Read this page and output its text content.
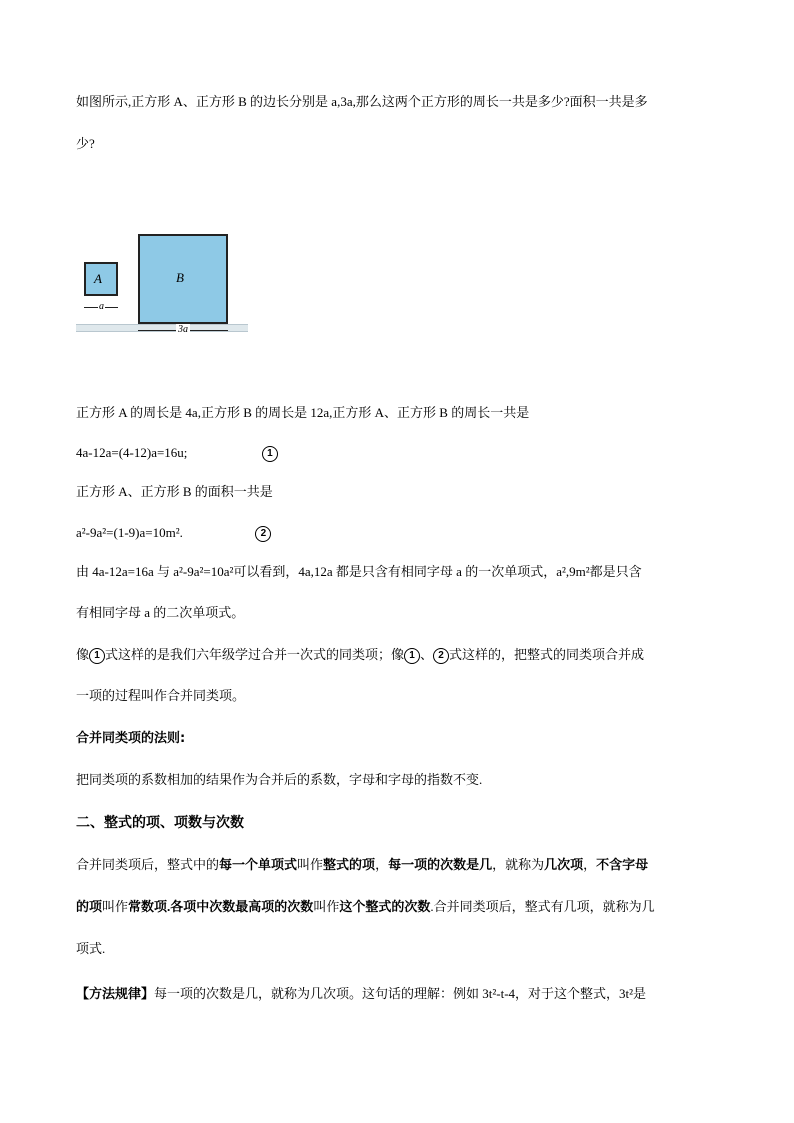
如图所示,正方形 A、正方形 B 的边长分别是 a,3a,那么这两个正方形的周长一共是多少?面积一共是多
少?
A
a
B
3a
正方形 A 的周长是 4a,正方形 B 的周长是 12a,正方形 A、正方形 B 的周长一共是
4a-12a=(4-12)a=16u;	1
正方形 A、正方形 B 的面积一共是
a²-9a²=(1-9)a=10m².	2
由 4a-12a=16a 与 a²-9a²=10a²可以看到，4a,12a 都是只含有相同字母 a 的一次单项式，a²,9m²都是只含
有相同字母 a 的二次单项式。
像 1 式这样的是我们六年级学过合并一次式的同类项；像 1 、 2 式这样的，把整式的同类项合并成
一项的过程叫作合并同类项。
合并同类项的法则:
把同类项的系数相加的结果作为合并后的系数，字母和字母的指数不变.
二、整式的项、项数与次数
合并同类项后，整式中的每一个单项式叫作整式的项，每一项的次数是几，就称为几次项，不含字母
的项叫作常数项.各项中次数最高项的次数叫作这个整式的次数.合并同类项后，整式有几项，就称为几
项式.
【方法规律】每一项的次数是几，就称为几次项。这句话的理解：例如 3t²-t-4，对于这个整式，3t²是
